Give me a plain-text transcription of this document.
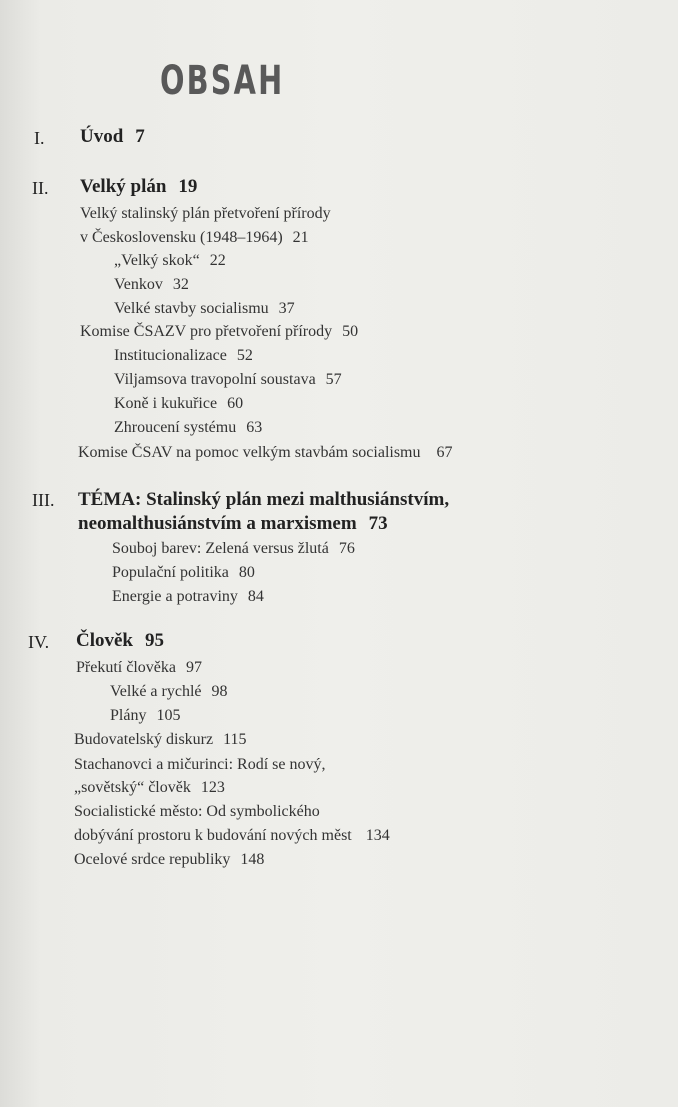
OBSAH
I. Úvod 7
II. Velký plán 19
Velký stalinský plán přetvoření přírody
v Československu (1948–1964) 21
„Velký skok“ 22
Venkov 32
Velké stavby socialismu 37
Komise ČSAZV pro přetvoření přírody 50
Institucionalizace 52
Viljamsova travopolní soustava 57
Koně i kukuřice 60
Zhroucení systému 63
Komise ČSAV na pomoc velkým stavbám socialismu 67
III. TÉMA: Stalinský plán mezi malthusiánstvím,
neomalthusiánstvím a marxismem 73
Souboj barev: Zelená versus žlutá 76
Populační politika 80
Energie a potraviny 84
IV. Člověk 95
Překutí člověka 97
Velké a rychlé 98
Plány 105
Budovatelský diskurz 115
Stachanovci a mičurinci: Rodí se nový,
„sovětský“ člověk 123
Socialistické město: Od symbolického
dobývání prostoru k budování nových měst 134
Ocelové srdce republiky 148
